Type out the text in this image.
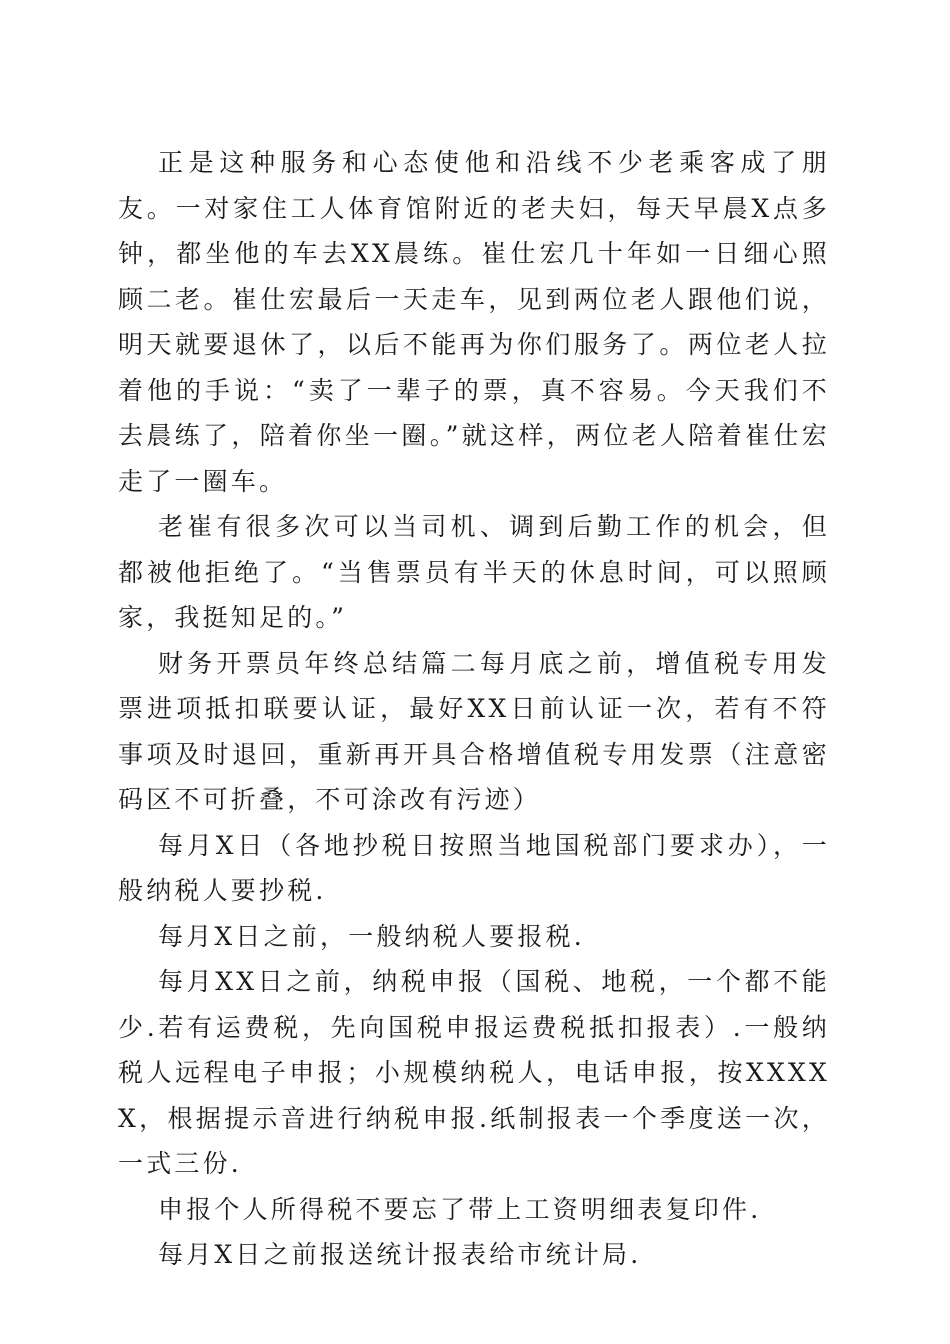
正是这种服务和心态使他和沿线不少老乘客成了朋友。一对家住工人体育馆附近的老夫妇，每天早晨X点多钟，都坐他的车去XX晨练。崔仕宏几十年如一日细心照顾二老。崔仕宏最后一天走车，见到两位老人跟他们说，明天就要退休了，以后不能再为你们服务了。两位老人拉着他的手说：“卖了一辈子的票，真不容易。今天我们不去晨练了，陪着你坐一圈。”就这样，两位老人陪着崔仕宏走了一圈车。

老崔有很多次可以当司机、调到后勤工作的机会，但都被他拒绝了。“当售票员有半天的休息时间，可以照顾家，我挺知足的。”

财务开票员年终总结篇二每月底之前，增值税专用发票进项抵扣联要认证，最好XX日前认证一次，若有不符事项及时退回，重新再开具合格增值税专用发票（注意密码区不可折叠，不可涂改有污迹）

每月X日（各地抄税日按照当地国税部门要求办），一般纳税人要抄税.

每月X日之前，一般纳税人要报税.

每月XX日之前，纳税申报（国税、地税，一个都不能少.若有运费税，先向国税申报运费税抵扣报表）.一般纳税人远程电子申报；小规模纳税人，电话申报，按XXXXX，根据提示音进行纳税申报.纸制报表一个季度送一次，一式三份.

申报个人所得税不要忘了带上工资明细表复印件.

每月X日之前报送统计报表给市统计局.
